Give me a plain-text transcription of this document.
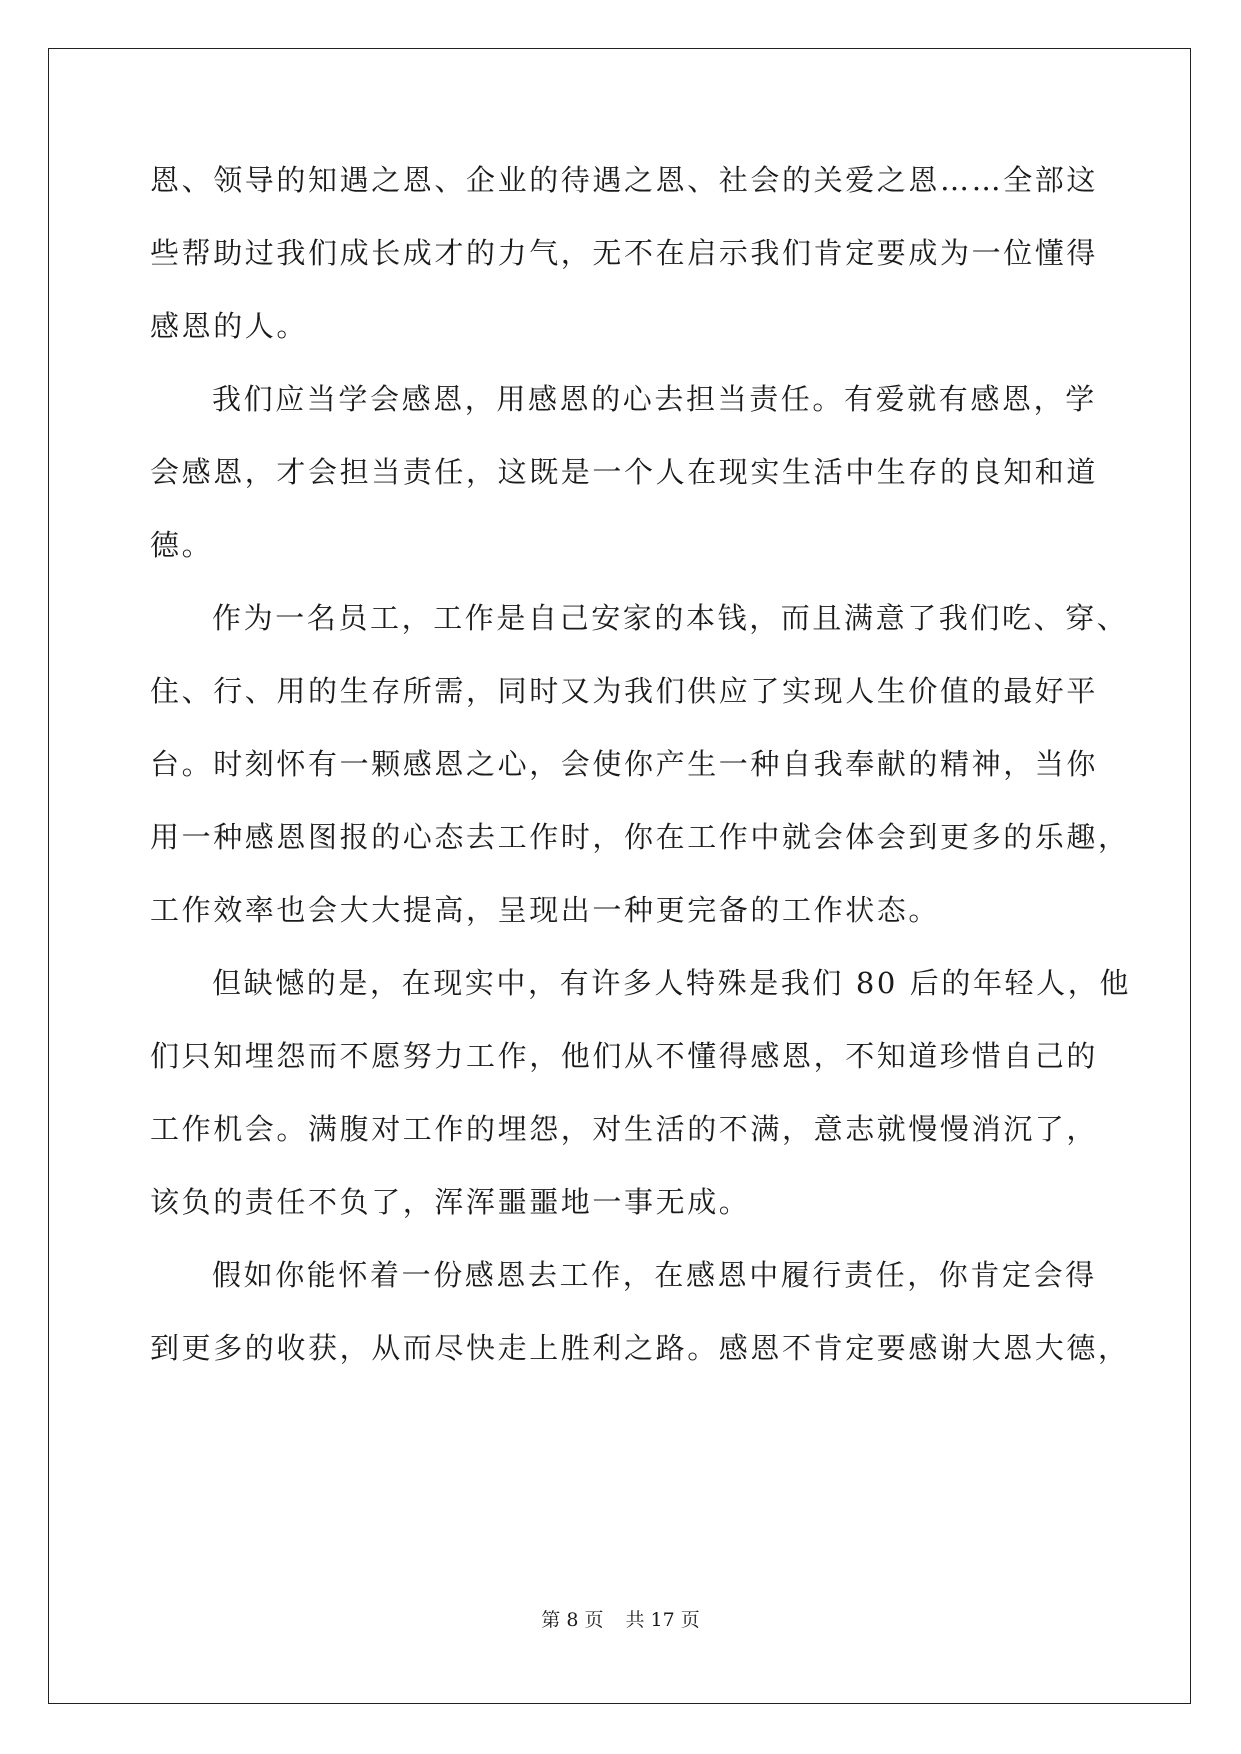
恩、领导的知遇之恩、企业的待遇之恩、社会的关爱之恩……全部这
些帮助过我们成长成才的力气，无不在启示我们肯定要成为一位懂得
感恩的人。
我们应当学会感恩，用感恩的心去担当责任。有爱就有感恩，学
会感恩，才会担当责任，这既是一个人在现实生活中生存的良知和道
德。
作为一名员工，工作是自己安家的本钱，而且满意了我们吃、穿、
住、行、用的生存所需，同时又为我们供应了实现人生价值的最好平
台。时刻怀有一颗感恩之心，会使你产生一种自我奉献的精神，当你
用一种感恩图报的心态去工作时，你在工作中就会体会到更多的乐趣，
工作效率也会大大提高，呈现出一种更完备的工作状态。
但缺憾的是，在现实中，有许多人特殊是我们 80 后的年轻人，他
们只知埋怨而不愿努力工作，他们从不懂得感恩，不知道珍惜自己的
工作机会。满腹对工作的埋怨，对生活的不满，意志就慢慢消沉了，
该负的责任不负了，浑浑噩噩地一事无成。
假如你能怀着一份感恩去工作，在感恩中履行责任，你肯定会得
到更多的收获，从而尽快走上胜利之路。感恩不肯定要感谢大恩大德，
第 8 页 共 17 页
